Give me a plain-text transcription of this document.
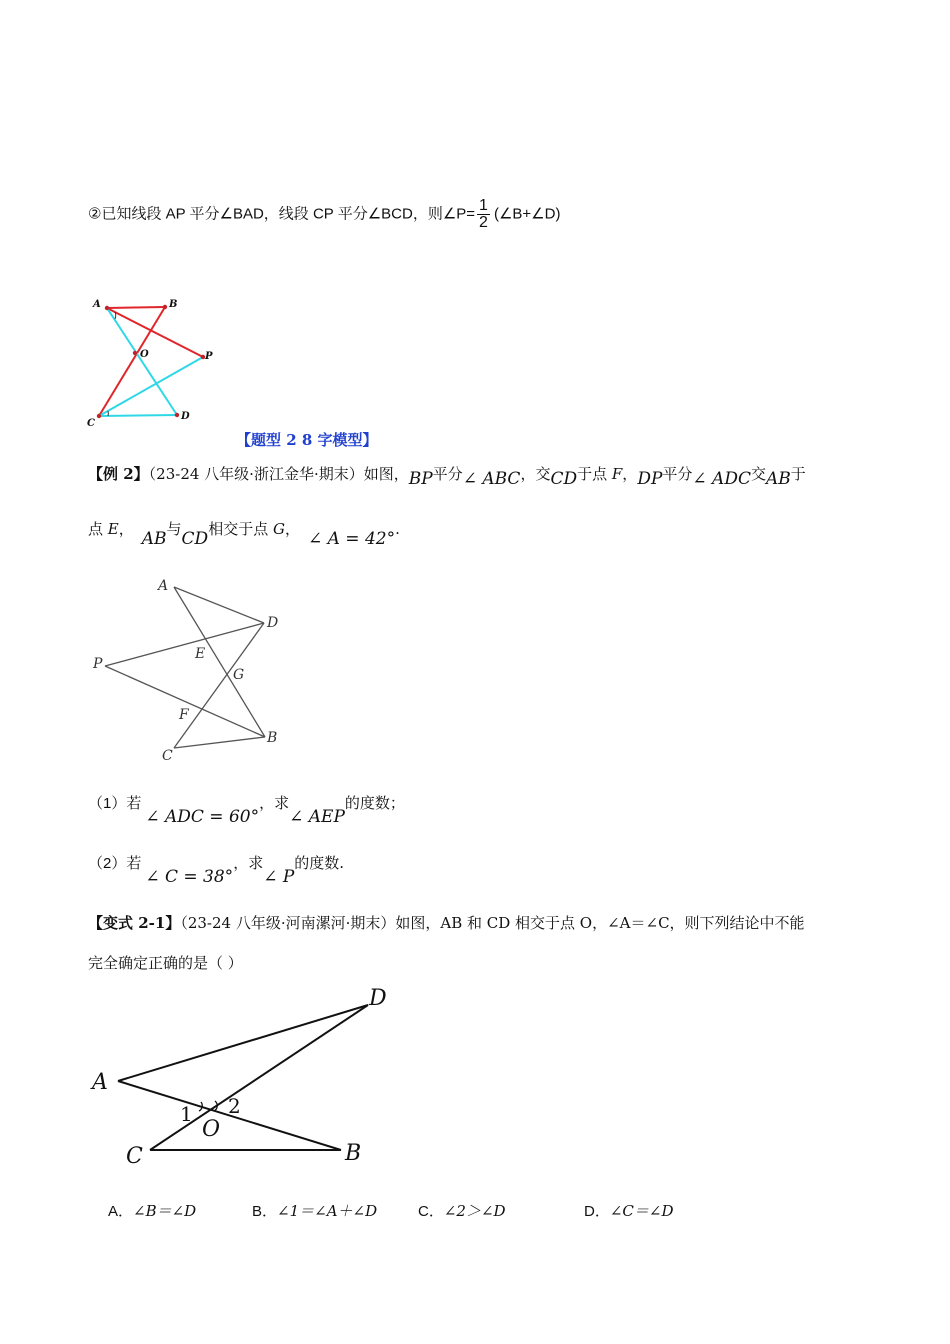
②已知线段 AP 平分∠BAD，线段 CP 平分∠BCD，则∠P= $\frac{1}{2}$ (∠B+∠D)
A	B
O	P
C
D
【题型 2 8 字模型】
【例 2】（23-24 八年级·浙江金华·期末）如图，BP平分∠ ABC，交CD于点 F，DP平分∠ ADC交AB于
点 E， AB与CD相交于点 G， ∠ A = 42°.
A
D
E
P
G
F
B
C
（1）若∠ ADC = 60°，求∠ AEP的度数；
（2）若∠ C = 38°，求∠ P的度数.
【变式 2-1】（23-24 八年级·河南漯河·期末）如图，AB 和 CD 相交于点 O，∠A＝∠C，则下列结论中不能
完全确定正确的是（ ）
D
A
O
C	B
1 2
A．∠B＝∠D	B．∠1＝∠A＋∠D	C．∠2＞∠D	D．∠C＝∠D
